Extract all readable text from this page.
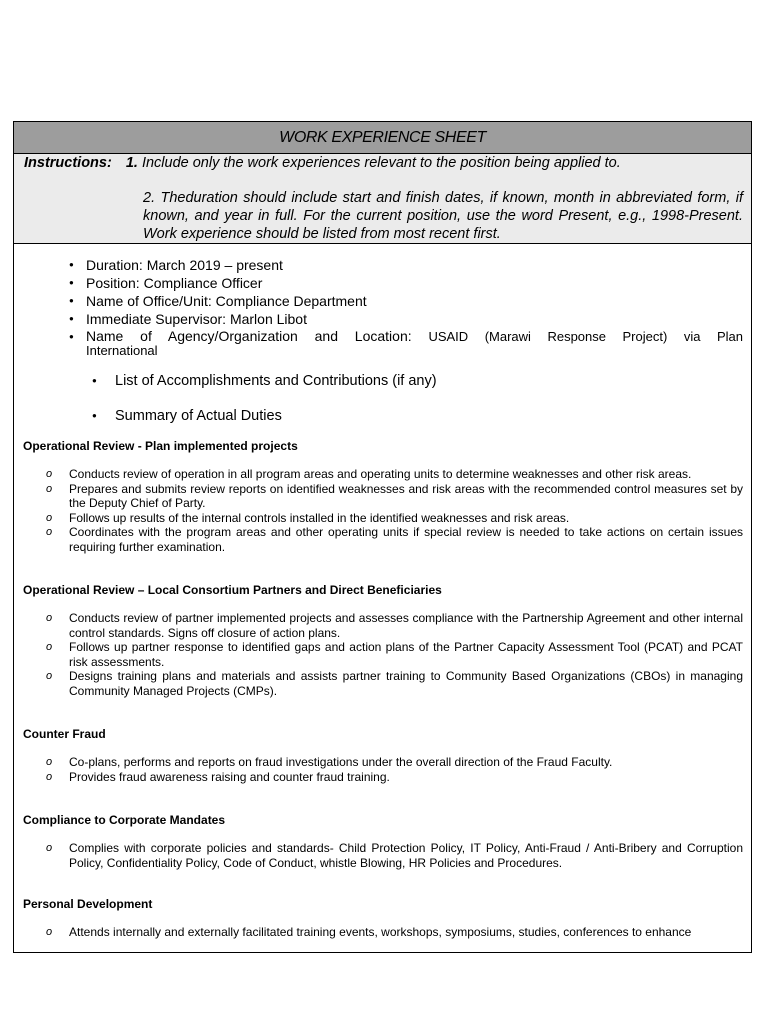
WORK EXPERIENCE SHEET
Instructions: 1. Include only the work experiences relevant to the position being applied to.
2. Theduration should include start and finish dates, if known, month in abbreviated form, if known, and year in full. For the current position, use the word Present, e.g., 1998-Present. Work experience should be listed from most recent first.
● Duration: March 2019 – present
● Position: Compliance Officer
● Name of Office/Unit: Compliance Department
● Immediate Supervisor: Marlon Libot
● Name of Agency/Organization and Location: USAID (Marawi Response Project) via Plan
International
● List of Accomplishments and Contributions (if any)
● Summary of Actual Duties
Operational Review - Plan implemented projects
o Conducts review of operation in all program areas and operating units to determine weaknesses and other risk areas.
o Prepares and submits review reports on identified weaknesses and risk areas with the recommended control measures set by the Deputy Chief of Party.
o Follows up results of the internal controls installed in the identified weaknesses and risk areas.
o Coordinates with the program areas and other operating units if special review is needed to take actions on certain issues requiring further examination.
Operational Review – Local Consortium Partners and Direct Beneficiaries
o Conducts review of partner implemented projects and assesses compliance with the Partnership Agreement and other internal control standards. Signs off closure of action plans.
o Follows up partner response to identified gaps and action plans of the Partner Capacity Assessment Tool (PCAT) and PCAT risk assessments.
o Designs training plans and materials and assists partner training to Community Based Organizations (CBOs) in managing Community Managed Projects (CMPs).
Counter Fraud
o Co-plans, performs and reports on fraud investigations under the overall direction of the Fraud Faculty.
o Provides fraud awareness raising and counter fraud training.
Compliance to Corporate Mandates
o Complies with corporate policies and standards- Child Protection Policy, IT Policy, Anti-Fraud / Anti-Bribery and Corruption Policy, Confidentiality Policy, Code of Conduct, whistle Blowing, HR Policies and Procedures.
Personal Development
o Attends internally and externally facilitated training events, workshops, symposiums, studies, conferences to enhance
